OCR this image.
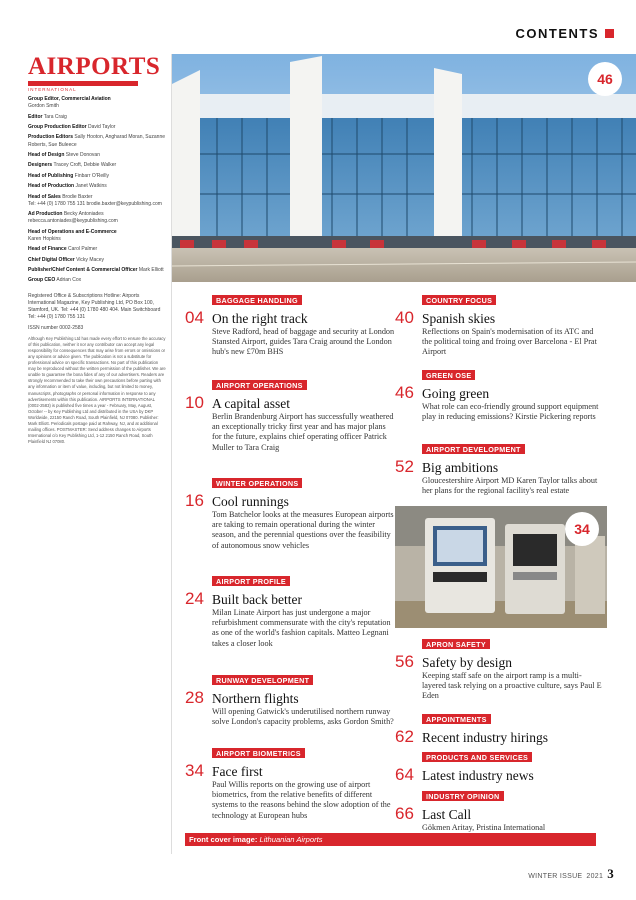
CONTENTS
AIRPORTS
INTERNATIONAL
Group Editor, Commercial Aviation
Gordon Smith
Editor Tara Craig
Group Production Editor David Taylor
Production Editors Sally Hooton, Angharad Moran, Suzanne Roberts, Sue Buleece
Head of Design Steve Donovan
Designers Tracey Croft, Debbie Walker
Head of Publishing Finbarr O'Reilly
Head of Production Janet Watkins
Head of Sales Brodie Baxter
Tel: +44 (0) 1780 755 131 brodie.baxter@keypublishing.com
Ad Production Becky Antoniades
rebecca.antoniades@keypublishing.com
Head of Operations and E-Commerce
Karen Hopkins
Head of Finance Carol Palmer
Chief Digital Officer Vicky Macey
Publisher/Chief Content & Commercial Officer Mark Elliott
Group CEO Adrian Cox
Registered Office & Subscriptions Hotline: Airports International Magazine, Key Publishing Ltd, PO Box 100, Stamford, UK. Tel: +44 (0) 1780 480 404. Main Switchboard Tel: +44 (0) 1780 755 131
ISSN number 0002-2583
Although Key Publishing Ltd has made every effort to ensure the accuracy of this publication, neither it nor any contributor can accept any legal responsibility for consequences that may arise from errors or omissions or any opinions or advice given. The publication is not a substitute for professional advice on specific transactions. No part of this publication may be reproduced without the written permission of the publisher. We are unable to guarantee the bona fides of any of our advertisers. Readers are strongly recommended to take their own precautions before parting with any information or item of value, including, but not limited to money, manuscripts, photographs or personal information in response to any advertisements within this publication. AIRPORTS INTERNATIONAL (0002-2583) is published five times a year - February, May, August, October -- by Key Publishing Ltd and distributed in the USA by DKP Worldwide, 22150 Ranch Road, South Plainfield, NJ 07080. Publisher: Mark Elliott. Periodicals postage paid at Rahway, NJ, and at additional mailing offices. POSTMASTER: Send address changes to Airports International c/o Key Publishing Ltd, 1-12 2150 Ranch Road, South Plainfield NJ 07080.
46
BAGGAGE HANDLING
04 On the right track
Steve Radford, head of baggage and security at London Stansted Airport, guides Tara Craig around the London hub's new £70m BHS
AIRPORT OPERATIONS
10 A capital asset
Berlin Brandenburg Airport has successfully weathered an exceptionally tricky first year and has major plans for the future, explains chief operating officer Patrick Muller to Tara Craig
WINTER OPERATIONS
16 Cool runnings
Tom Batchelor looks at the measures European airports are taking to remain operational during the winter season, and the perennial questions over the feasibility of autonomous snow vehicles
AIRPORT PROFILE
24 Built back better
Milan Linate Airport has just undergone a major refurbishment commensurate with the city's reputation as one of the world's fashion capitals. Matteo Legnani takes a closer look
RUNWAY DEVELOPMENT
28 Northern flights
Will opening Gatwick's underutilised northern runway solve London's capacity problems, asks Gordon Smith?
AIRPORT BIOMETRICS
34 Face first
Paul Willis reports on the growing use of airport biometrics, from the relative benefits of different systems to the reasons behind the slow adoption of the technology at European hubs
COUNTRY FOCUS
40 Spanish skies
Reflections on Spain's modernisation of its ATC and the political toing and froing over Barcelona - El Prat Airport
GREEN OSE
46 Going green
What role can eco-friendly ground support equipment play in reducing emissions? Kirstie Pickering reports
AIRPORT DEVELOPMENT
52 Big ambitions
Gloucestershire Airport MD Karen Taylor talks about her plans for the regional facility's real estate
34
APRON SAFETY
56 Safety by design
Keeping staff safe on the airport ramp is a multi-layered task relying on a proactive culture, says Paul E Eden
APPOINTMENTS
62 Recent industry hirings
PRODUCTS AND SERVICES
64 Latest industry news
INDUSTRY OPINION
66 Last Call
Gökmen Aritay, Pristina International
Front cover image: Lithuanian Airports
WINTER ISSUE 2021 3
